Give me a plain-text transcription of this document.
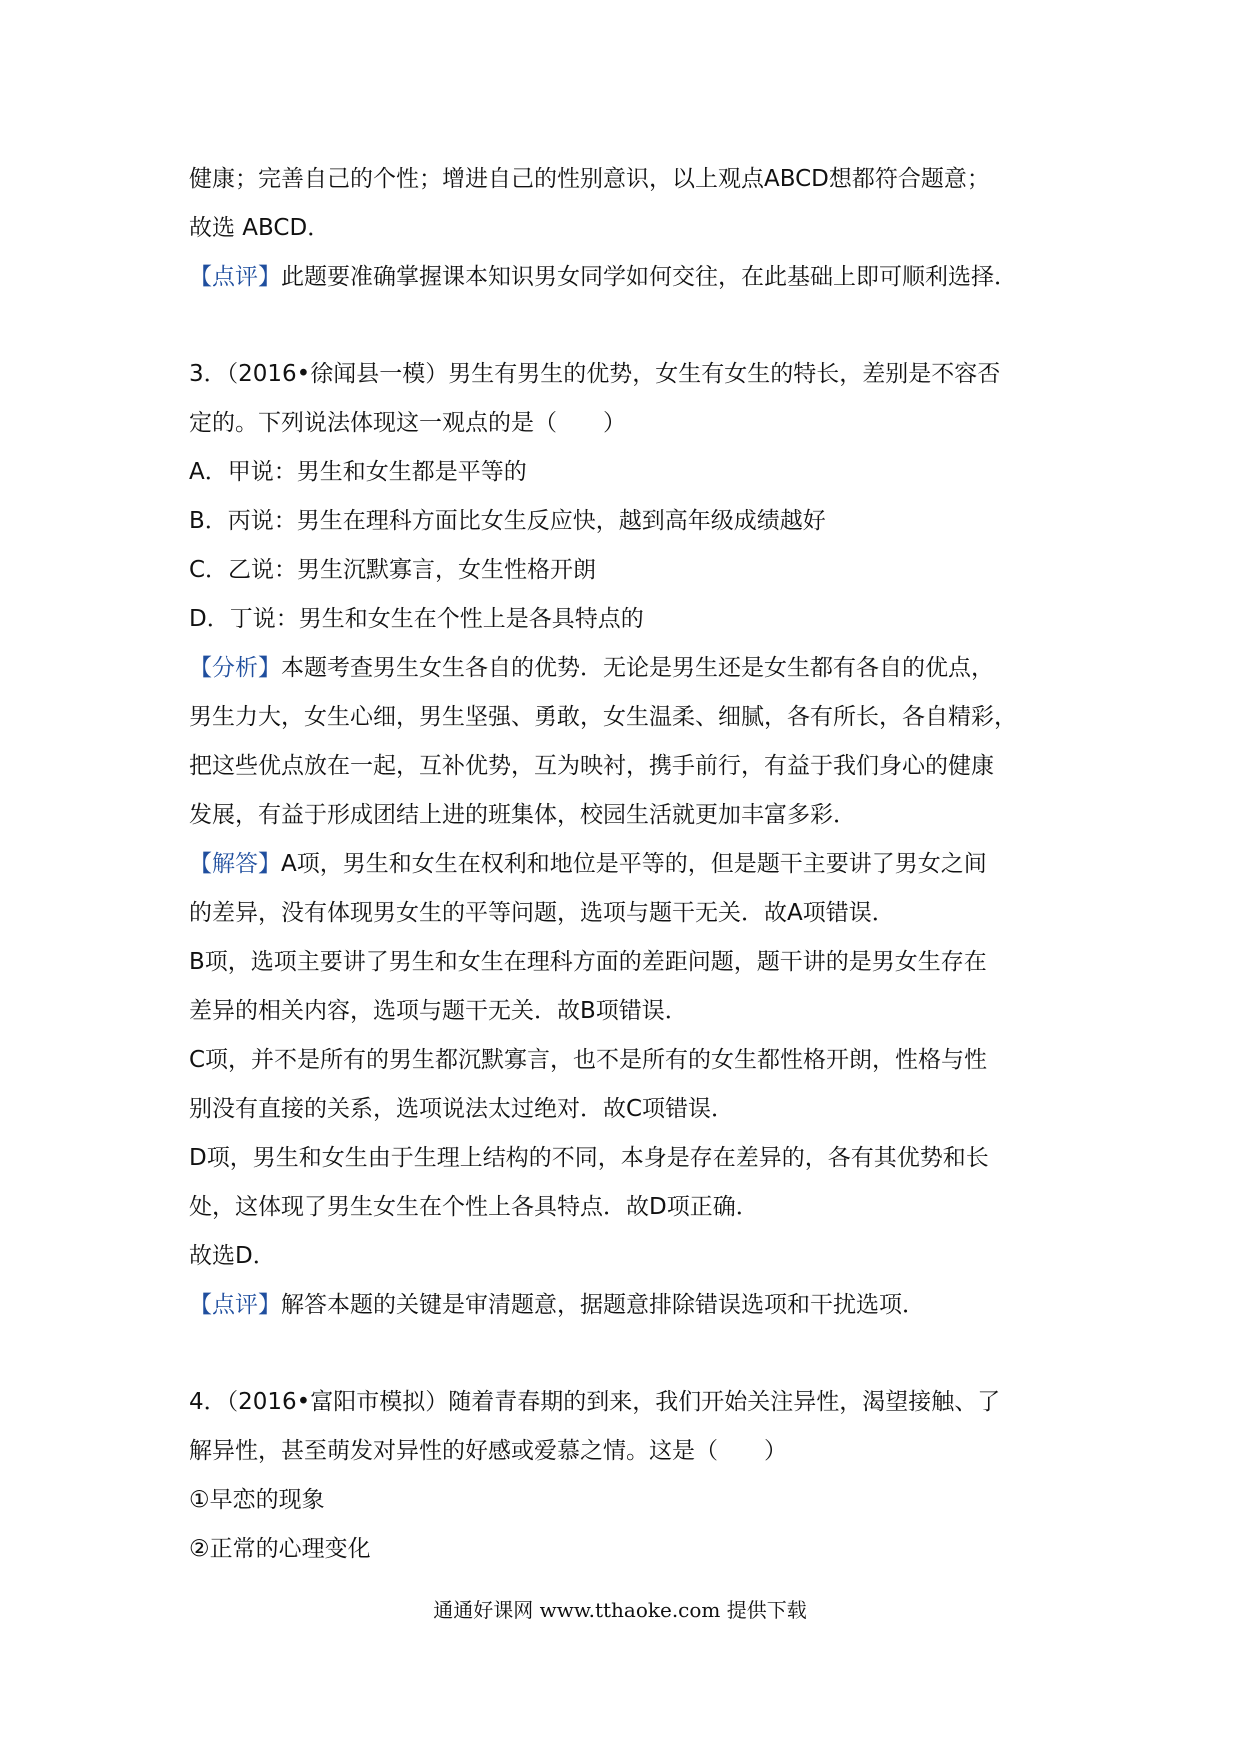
健康；完善自己的个性；增进自己的性别意识，以上观点ABCD想都符合题意；
故选 ABCD．
【点评】此题要准确掌握课本知识男女同学如何交往，在此基础上即可顺利选择．
3．（2016•徐闻县一模）男生有男生的优势，女生有女生的特长，差别是不容否
定的。下列说法体现这一观点的是（　　）
A．甲说：男生和女生都是平等的
B．丙说：男生在理科方面比女生反应快，越到高年级成绩越好
C．乙说：男生沉默寡言，女生性格开朗
D．丁说：男生和女生在个性上是各具特点的
【分析】本题考查男生女生各自的优势．无论是男生还是女生都有各自的优点，
男生力大，女生心细，男生坚强、勇敢，女生温柔、细腻，各有所长，各自精彩，
把这些优点放在一起，互补优势，互为映衬，携手前行，有益于我们身心的健康
发展，有益于形成团结上进的班集体，校园生活就更加丰富多彩．
【解答】A项，男生和女生在权利和地位是平等的，但是题干主要讲了男女之间
的差异，没有体现男女生的平等问题，选项与题干无关．故A项错误．
B项，选项主要讲了男生和女生在理科方面的差距问题，题干讲的是男女生存在
差异的相关内容，选项与题干无关．故B项错误．
C项，并不是所有的男生都沉默寡言，也不是所有的女生都性格开朗，性格与性
别没有直接的关系，选项说法太过绝对．故C项错误．
D项，男生和女生由于生理上结构的不同，本身是存在差异的，各有其优势和长
处，这体现了男生女生在个性上各具特点．故D项正确．
故选D．
【点评】解答本题的关键是审清题意，据题意排除错误选项和干扰选项．
4．（2016•富阳市模拟）随着青春期的到来，我们开始关注异性，渴望接触、了
解异性，甚至萌发对异性的好感或爱慕之情。这是（　　）
①早恋的现象
②正常的心理变化
通通好课网 www.tthaoke.com 提供下载
